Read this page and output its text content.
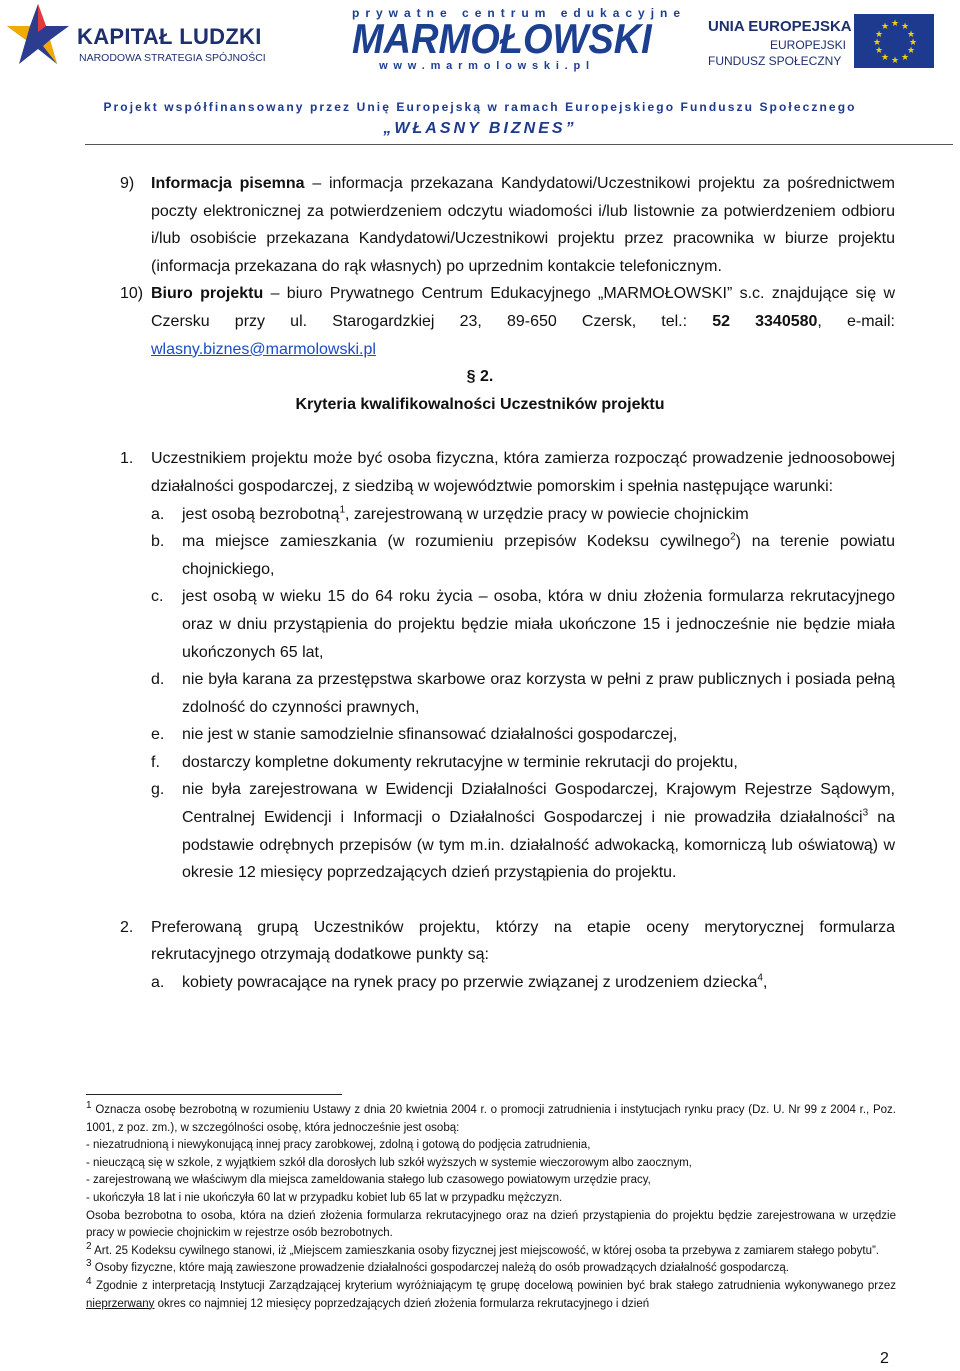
KAPITAŁ LUDZKI
NARODOWA STRATEGIA SPÓJNOŚCI
prywatne centrum edukacyjne
MARMOŁOWSKI
www.marmolowski.pl
UNIA EUROPEJSKA
EUROPEJSKI
FUNDUSZ SPOŁECZNY
★ ★
★
★
★
★
★
★
★
★
★
★
Projekt współfinansowany przez Unię Europejską w ramach Europejskiego Funduszu Społecznego
„WŁASNY BIZNES”
9) Informacja pisemna – informacja przekazana Kandydatowi/Uczestnikowi projektu za pośrednictwem poczty elektronicznej za potwierdzeniem odczytu wiadomości i/lub listownie za potwierdzeniem odbioru i/lub osobiście przekazana Kandydatowi/Uczestnikowi projektu przez pracownika w biurze projektu (informacja przekazana do rąk własnych) po uprzednim kontakcie telefonicznym.
10) Biuro projektu – biuro Prywatnego Centrum Edukacyjnego „MARMOŁOWSKI” s.c. znajdujące się w Czersku przy ul. Starogardzkiej 23, 89-650 Czersk, tel.: 52 3340580, e-mail: wlasny.biznes@marmolowski.pl
§ 2.
Kryteria kwalifikowalności Uczestników projektu
1. Uczestnikiem projektu może być osoba fizyczna, która zamierza rozpocząć prowadzenie jednoosobowej działalności gospodarczej, z siedzibą w województwie pomorskim i spełnia następujące warunki:
a. jest osobą bezrobotną$^1$, zarejestrowaną w urzędzie pracy w powiecie chojnickim
b. ma miejsce zamieszkania (w rozumieniu przepisów Kodeksu cywilnego$^2$) na terenie powiatu chojnickiego,
c. jest osobą w wieku 15 do 64 roku życia – osoba, która w dniu złożenia formularza rekrutacyjnego oraz w dniu przystąpienia do projektu będzie miała ukończone 15 i jednocześnie nie będzie miała ukończonych 65 lat,
d. nie była karana za przestępstwa skarbowe oraz korzysta w pełni z praw publicznych i posiada pełną zdolność do czynności prawnych,
e. nie jest w stanie samodzielnie sfinansować działalności gospodarczej,
f. dostarczy kompletne dokumenty rekrutacyjne w terminie rekrutacji do projektu,
g. nie była zarejestrowana w Ewidencji Działalności Gospodarczej, Krajowym Rejestrze Sądowym, Centralnej Ewidencji i Informacji o Działalności Gospodarczej i nie prowadziła działalności$^3$ na podstawie odrębnych przepisów (w tym m.in. działalność adwokacką, komorniczą lub oświatową) w okresie 12 miesięcy poprzedzających dzień przystąpienia do projektu.
2. Preferowaną grupą Uczestników projektu, którzy na etapie oceny merytorycznej formularza rekrutacyjnego otrzymają dodatkowe punkty są:
a. kobiety powracające na rynek pracy po przerwie związanej z urodzeniem dziecka$^4$,

$^1$ Oznacza osobę bezrobotną w rozumieniu Ustawy z dnia 20 kwietnia 2004 r. o promocji zatrudnienia i instytucjach rynku pracy (Dz. U. Nr 99 z 2004 r., Poz. 1001, z poz. zm.), w szczególności osobę, która jednocześnie jest osobą:

- niezatrudnioną i niewykonującą innej pracy zarobkowej, zdolną i gotową do podjęcia zatrudnienia,

- nieuczącą się w szkole, z wyjątkiem szkół dla dorosłych lub szkół wyższych w systemie wieczorowym albo zaocznym,

- zarejestrowaną we właściwym dla miejsca zameldowania stałego lub czasowego powiatowym urzędzie pracy,

- ukończyła 18 lat i nie ukończyła 60 lat w przypadku kobiet lub 65 lat w przypadku mężczyzn.

Osoba bezrobotna to osoba, która na dzień złożenia formularza rekrutacyjnego oraz na dzień przystąpienia do projektu będzie zarejestrowana w urzędzie pracy w powiecie chojnickim w rejestrze osób bezrobotnych.

$^2$ Art. 25 Kodeksu cywilnego stanowi, iż „Miejscem zamieszkania osoby fizycznej jest miejscowość, w której osoba ta przebywa z zamiarem stałego pobytu”.

$^3$ Osoby fizyczne, które mają zawieszone prowadzenie działalności gospodarczej należą do osób prowadzących działalność gospodarczą.

$^4$ Zgodnie z interpretacją Instytucji Zarządzającej kryterium wyróżniającym tę grupę docelową powinien być brak stałego zatrudnienia wykonywanego przez nieprzerwany okres co najmniej 12 miesięcy poprzedzających dzień złożenia formularza rekrutacyjnego i dzień

2
